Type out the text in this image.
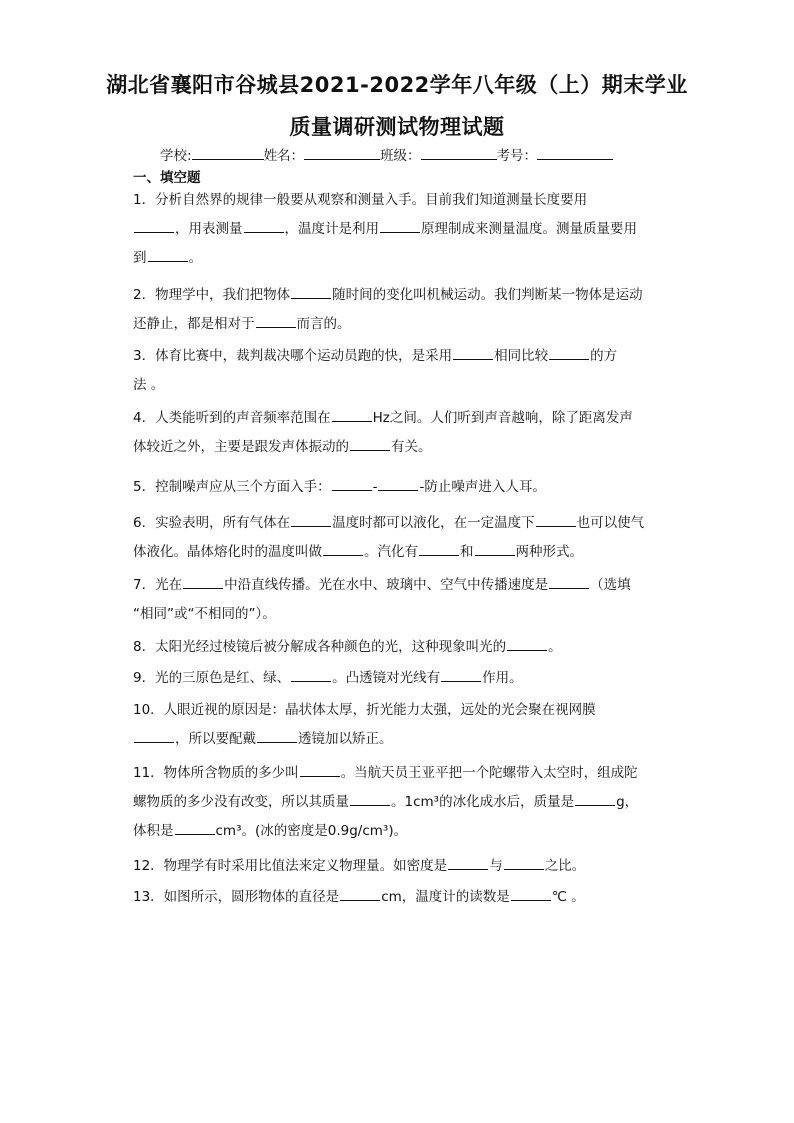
湖北省襄阳市谷城县2021-2022学年八年级（上）期末学业
质量调研测试物理试题
学校:	姓名：	班级：	考号：
一、填空题
1．分析自然界的规律一般要从观察和测量入手。目前我们知道测量长度要用
，用表测量	，温度计是利用	原理制成来测量温度。测量质量要用
到	。
2．物理学中，我们把物体	随时间的变化叫机械运动。我们判断某一物体是运动
还静止，都是相对于	而言的。
3．体育比赛中，裁判裁决哪个运动员跑的快，是采用	相同比较	的方
法 。
4．人类能听到的声音频率范围在	Hz之间。人们听到声音越响，除了距离发声
体较近之外，主要是跟发声体振动的	有关。
5．控制噪声应从三个方面入手：	-	-防止噪声进入人耳。
6．实验表明，所有气体在	温度时都可以液化，在一定温度下	也可以使气
体液化。晶体熔化时的温度叫做	。汽化有	和	两种形式。
7．光在	中沿直线传播。光在水中、玻璃中、空气中传播速度是	（选填
“相同”或“不相同的”）。
8．太阳光经过棱镜后被分解成各种颜色的光，这种现象叫光的	。
9．光的三原色是红、绿、	。凸透镜对光线有	作用。
10．人眼近视的原因是：晶状体太厚，折光能力太强，远处的光会聚在视网膜
，所以要配戴	透镜加以矫正。
11．物体所含物质的多少叫	。当航天员王亚平把一个陀螺带入太空时，组成陀
螺物质的多少没有改变，所以其质量	。1cm³的冰化成水后，质量是	g，
体积是	cm³。(冰的密度是0.9g/cm³)。
12．物理学有时采用比值法来定义物理量。如密度是	与	之比。
13．如图所示，圆形物体的直径是	cm，温度计的读数是	℃ 。
